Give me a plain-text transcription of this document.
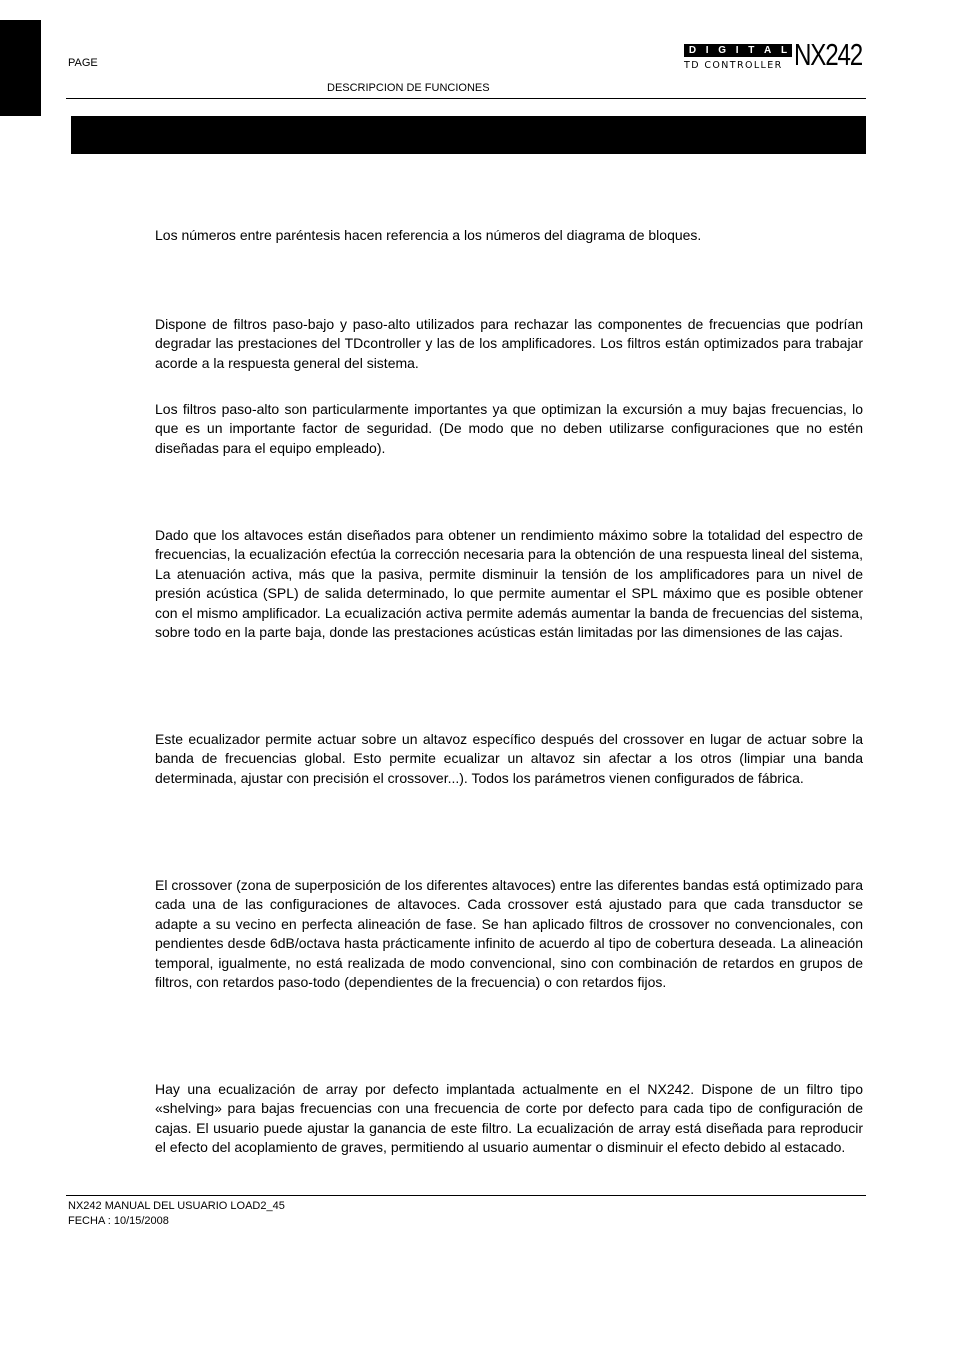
PAGE
DESCRIPCION DE FUNCIONES
D I G I T A L
TD CONTROLLER NX242

Los números entre paréntesis hacen referencia a los números del diagrama de bloques.

Dispone de filtros paso-bajo y paso-alto utilizados para rechazar las componentes de frecuencias que podrían degradar las prestaciones del TDcontroller y las de los amplificadores. Los filtros están optimizados para trabajar acorde a la respuesta general del sistema.

Los filtros paso-alto son particularmente importantes ya que optimizan la excursión a muy bajas frecuencias, lo que es un importante factor de seguridad. (De modo que no deben utilizarse configuraciones que no estén diseñadas para el equipo empleado).

Dado que los altavoces están diseñados para obtener un rendimiento máximo sobre la totalidad del espectro de frecuencias, la ecualización efectúa la corrección necesaria para la obtención de una respuesta lineal del sistema, La atenuación activa, más que la pasiva, permite disminuir la tensión de los amplificadores para un nivel de presión acústica (SPL) de salida determinado, lo que permite aumentar el SPL máximo que es posible obtener con el mismo amplificador. La ecualización activa permite además aumentar la banda de frecuencias del sistema, sobre todo en la parte baja, donde las prestaciones acústicas están limitadas por las dimensiones de las cajas.

Este ecualizador permite actuar sobre un altavoz específico después del crossover en lugar de actuar sobre la banda de frecuencias global. Esto permite ecualizar un altavoz sin afectar a los otros (limpiar una banda determinada, ajustar con precisión el crossover...). Todos los parámetros vienen configurados de fábrica.

El crossover (zona de superposición de los diferentes altavoces) entre las diferentes bandas está optimizado para cada una de las configuraciones de altavoces. Cada crossover está ajustado para que cada transductor se adapte a su vecino en perfecta alineación de fase. Se han aplicado filtros de crossover no convencionales, con pendientes desde 6dB/octava hasta prácticamente infinito de acuerdo al tipo de cobertura deseada. La alineación temporal, igualmente, no está realizada de modo convencional, sino con combinación de retardos en grupos de filtros, con retardos paso-todo (dependientes de la frecuencia) o con retardos fijos.

Hay una ecualización de array por defecto implantada actualmente en el NX242. Dispone de un filtro tipo «shelving» para bajas frecuencias con una frecuencia de corte por defecto para cada tipo de configuración de cajas. El usuario puede ajustar la ganancia de este filtro. La ecualización de array está diseñada para reproducir el efecto del acoplamiento de graves, permitiendo al usuario aumentar o disminuir el efecto debido al estacado.

NX242 MANUAL DEL USUARIO LOAD2_45
FECHA : 10/15/2008
